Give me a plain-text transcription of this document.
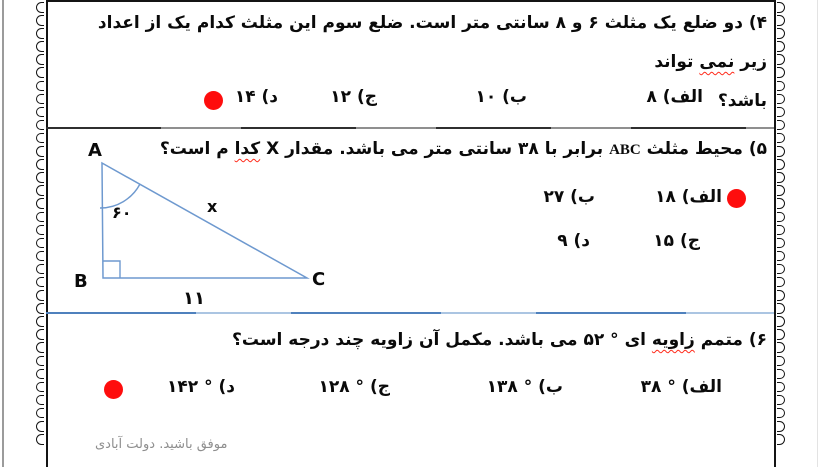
۴) دو ضلع یک مثلث ۶ و ۸ سانتی متر است. ضلع سوم این مثلث کدام یک از اعداد زیر نمی تواند
باشد؟
الف) ۸
ب) ۱۰
ج) ۱۲
د) ۱۴
۵) محیط مثلث ABC برابر با ۳۸ سانتی متر می باشد. مقدار X کدا م است؟
A
B	C
x
۶۰
۱۱
الف) ۱۸
ب) ۲۷
ج) ۱۵
د) ۹
۶) متمم زاویه ای ° ۵۲ می باشد. مکمل آن زاویه چند درجه است؟
الف) ° ۳۸
ب) ° ۱۳۸
ج) ° ۱۲۸
د) ° ۱۴۲
موفق باشید. دولت آبادی
